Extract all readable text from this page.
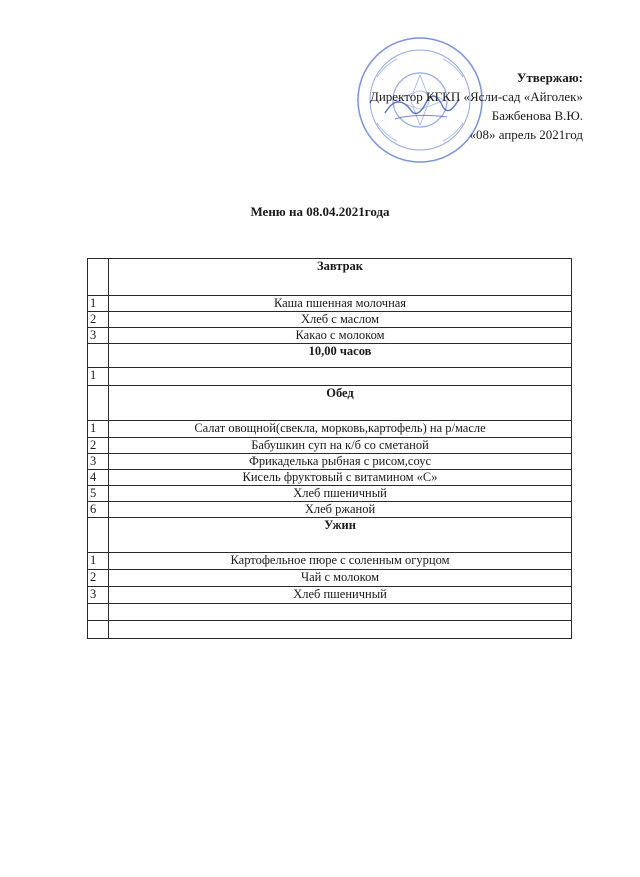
Утвержаю:
Директор КГКП «Ясли-сад «Айголек»
Бажбенова В.Ю.
«08» апрель 2021год
Меню на 08.04.2021года
	Завтрак
1	Каша пшенная молочная
2	Хлеб с маслом
3	Какао с молоком
	10,00 часов
1	
	Обед
1	Салат овощной(свекла, морковь,картофель) на р/масле
2	Бабушкин суп на к/б со сметаной
3	Фрикаделька рыбная с рисом,соус
4	Кисель фруктовый с витамином «С»
5	Хлеб пшеничный
6	Хлеб ржаной
	Ужин
1	Картофельное пюре с соленным огурцом
2	Чай с молоком
3	Хлеб пшеничный
